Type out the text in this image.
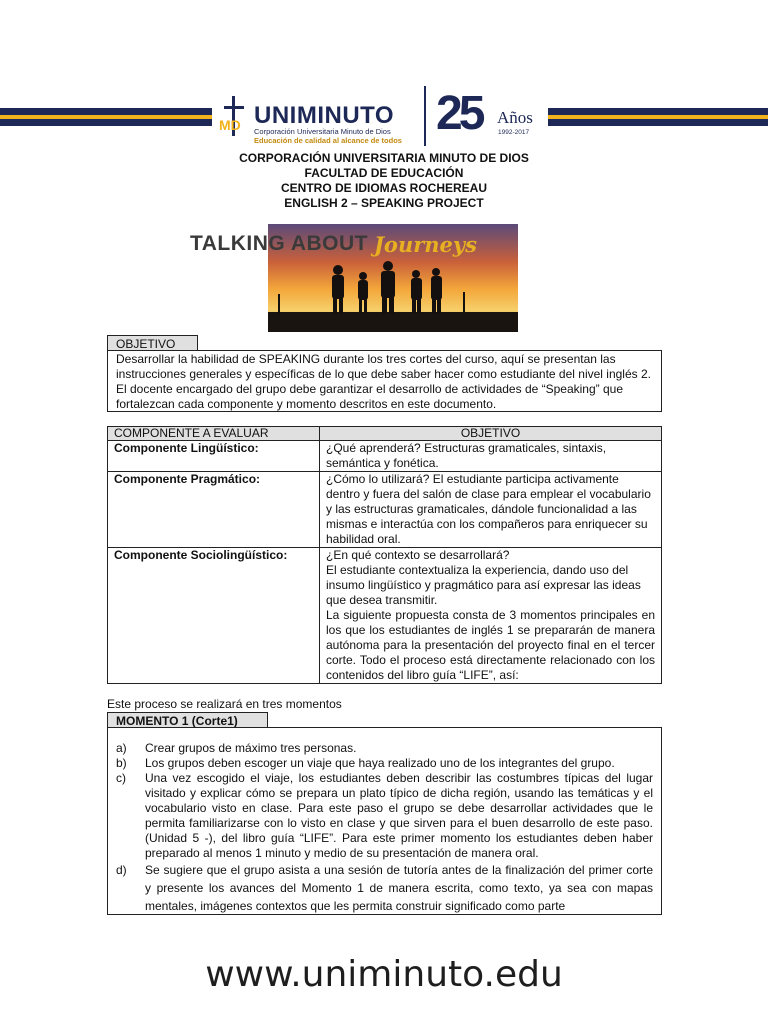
MD UNIMINUTO
Corporación Universitaria Minuto de Dios
Educación de calidad al alcance de todos
25 Años
1992-2017
CORPORACIÓN UNIVERSITARIA MINUTO DE DIOS
FACULTAD DE EDUCACIÓN
CENTRO DE IDIOMAS ROCHEREAU
ENGLISH 2 – SPEAKING PROJECT
TALKING ABOUT Journeys
OBJETIVO
Desarrollar la habilidad de SPEAKING durante los tres cortes del curso, aquí se presentan las instrucciones generales y específicas de lo que debe saber hacer como estudiante del nivel inglés 2. El docente encargado del grupo debe garantizar el desarrollo de actividades de “Speaking” que fortalezcan cada componente y momento descritos en este documento.
COMPONENTE A EVALUAR	OBJETIVO
Componente Lingüístico:	¿Qué aprenderá? Estructuras gramaticales, sintaxis, semántica y fonética.
Componente Pragmático:	¿Cómo lo utilizará? El estudiante participa activamente dentro y fuera del salón de clase para emplear el vocabulario y las estructuras gramaticales, dándole funcionalidad a las mismas e interactúa con los compañeros para enriquecer su habilidad oral.
Componente Sociolingüístico:	¿En qué contexto se desarrollará?
El estudiante contextualiza la experiencia, dando uso del insumo lingüístico y pragmático para así expresar las ideas que desea transmitir.
La siguiente propuesta consta de 3 momentos principales en los que los estudiantes de inglés 1 se prepararán de manera autónoma para la presentación del proyecto final en el tercer corte. Todo el proceso está directamente relacionado con los contenidos del libro guía “LIFE”, así:
Este proceso se realizará en tres momentos
MOMENTO 1 (Corte1)
a) Crear grupos de máximo tres personas.
b) Los grupos deben escoger un viaje que haya realizado uno de los integrantes del grupo.
c) Una vez escogido el viaje, los estudiantes deben describir las costumbres típicas del lugar visitado y explicar cómo se prepara un plato típico de dicha región, usando las temáticas y el vocabulario visto en clase. Para este paso el grupo se debe desarrollar actividades que le permita familiarizarse con lo visto en clase y que sirven para el buen desarrollo de este paso. (Unidad 5 -), del libro guía “LIFE”. Para este primer momento los estudiantes deben haber preparado al menos 1 minuto y medio de su presentación de manera oral.
d) Se sugiere que el grupo asista a una sesión de tutoría antes de la finalización del primer corte y presente los avances del Momento 1 de manera escrita, como texto, ya sea con mapas mentales, imágenes contextos que les permita construir significado como parte
www.uniminuto.edu
